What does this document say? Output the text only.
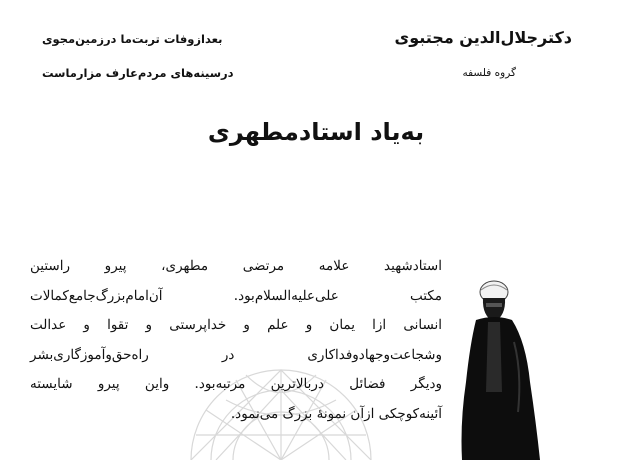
دکترجلال‌الدین مجتبوی
گروه فلسفه
بعدازوفات تربت‌ما درزمین‌مجوی
درسینه‌های مردم‌عارف مزارماست
به‌یاد استادمطهری
استادشهید علامه مرتضی مطهری، پیرو راستین
مکتب علی‌علیه‌السلام‌بود. آن‌امام‌بزرگ‌جامع‌کمالات
انسانی ازا یمان و علم و خداپرستی و تقوا و عدالت
وشجاعت‌وجهادوفداکاری در راه‌حق‌وآموزگاری‌بشر
ودیگر فضائل دربالاترین مرتبه‌بود. واین پیرو شایسته
آئینه‌کوچکی ازآن نمونهٔ بزرگ می‌نمود.
